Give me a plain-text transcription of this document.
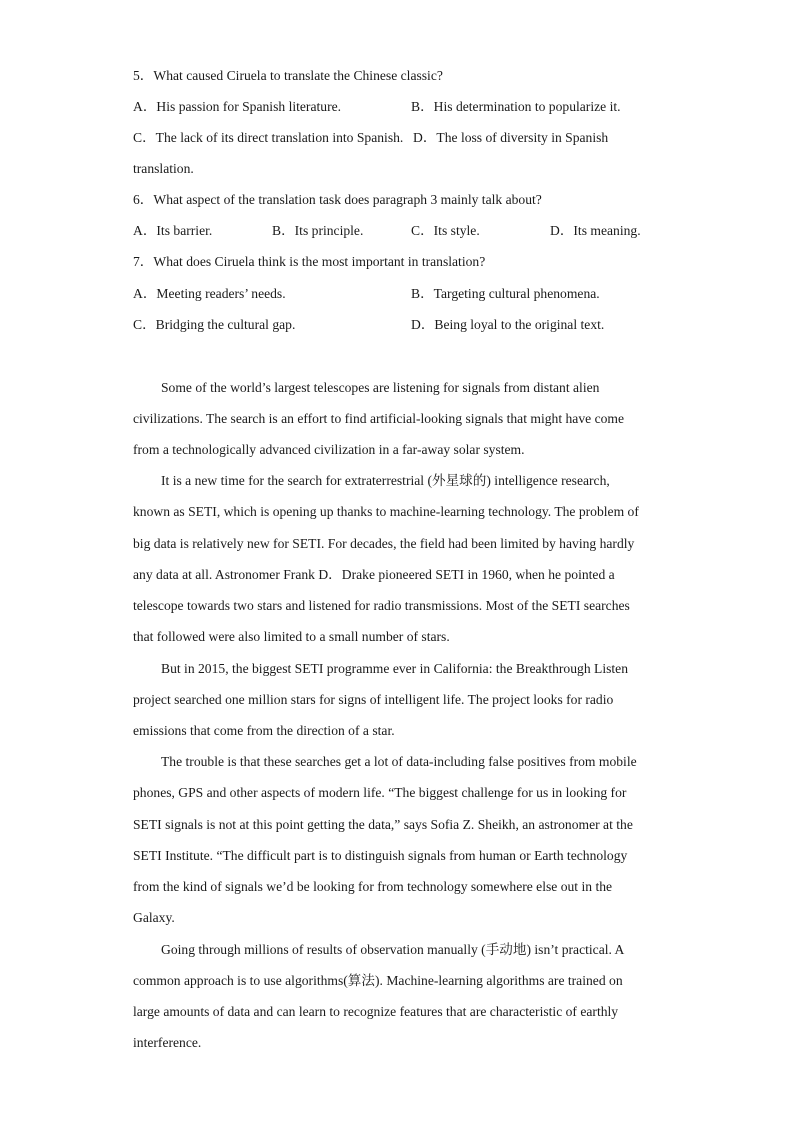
5．What caused Ciruela to translate the Chinese classic?
A．His passion for Spanish literature.	B．His determination to popularize it.
C．The lack of its direct translation into Spanish. D．The loss of diversity in Spanish
translation.
6．What aspect of the translation task does paragraph 3 mainly talk about?
A．Its barrier.	B．Its principle.	C．Its style.	D．Its meaning.
7．What does Ciruela think is the most important in translation?
A．Meeting readers’ needs.	B．Targeting cultural phenomena.
C．Bridging the cultural gap.	D．Being loyal to the original text.
Some of the world’s largest telescopes are listening for signals from distant alien
civilizations. The search is an effort to find artificial-looking signals that might have come
from a technologically advanced civilization in a far-away solar system.
It is a new time for the search for extraterrestrial (外星球的) intelligence research,
known as SETI, which is opening up thanks to machine-learning technology. The problem of
big data is relatively new for SETI. For decades, the field had been limited by having hardly
any data at all. Astronomer Frank D．Drake pioneered SETI in 1960, when he pointed a
telescope towards two stars and listened for radio transmissions. Most of the SETI searches
that followed were also limited to a small number of stars.
But in 2015, the biggest SETI programme ever in California: the Breakthrough Listen
project searched one million stars for signs of intelligent life. The project looks for radio
emissions that come from the direction of a star.
The trouble is that these searches get a lot of data-including false positives from mobile
phones, GPS and other aspects of modern life. “The biggest challenge for us in looking for
SETI signals is not at this point getting the data,” says Sofia Z. Sheikh, an astronomer at the
SETI Institute. “The difficult part is to distinguish signals from human or Earth technology
from the kind of signals we’d be looking for from technology somewhere else out in the
Galaxy.
Going through millions of results of observation manually (手动地) isn’t practical. A
common approach is to use algorithms(算法). Machine-learning algorithms are trained on
large amounts of data and can learn to recognize features that are characteristic of earthly
interference.
